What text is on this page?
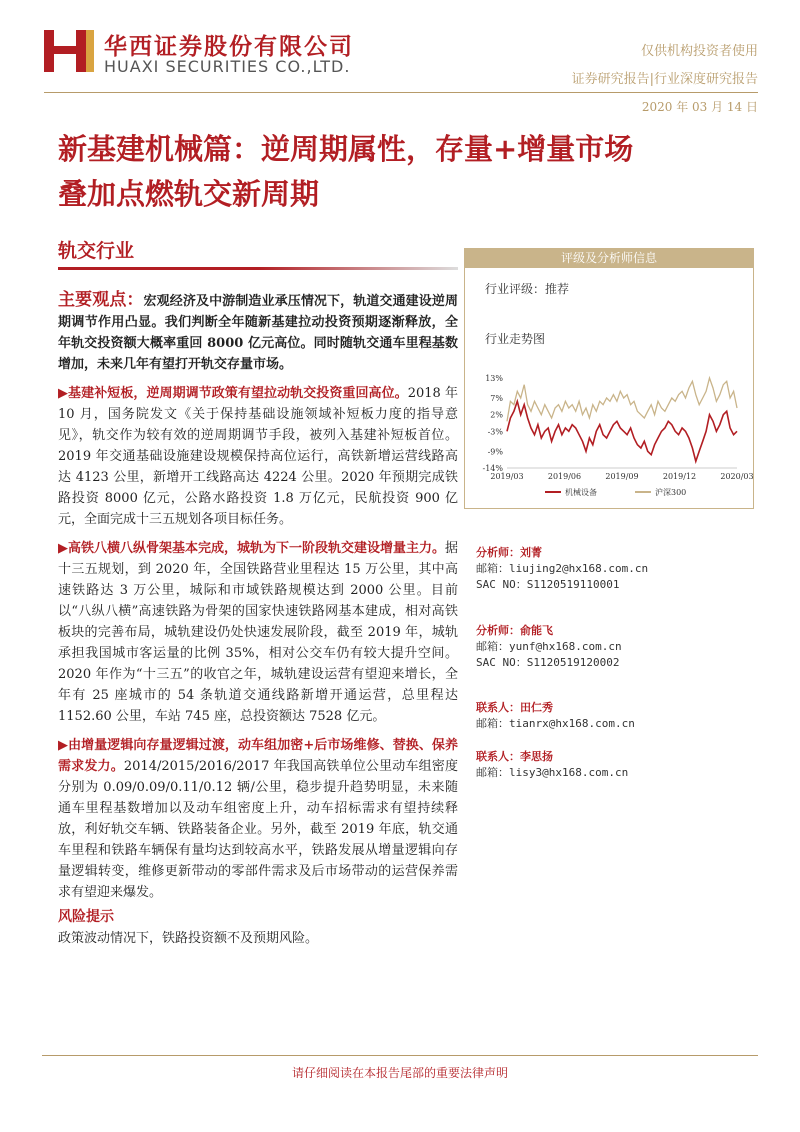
华西证券股份有限公司
HUAXI SECURITIES CO.,LTD.
仅供机构投资者使用
证券研究报告|行业深度研究报告
2020 年 03 月 14 日
新基建机械篇：逆周期属性，存量+增量市场
叠加点燃轨交新周期
轨交行业

主要观点：宏观经济及中游制造业承压情况下，轨道交通建设逆周期调节作用凸显。我们判断全年随新基建拉动投资预期逐渐释放，全年轨交投资额大概率重回 8000 亿元高位。同时随轨交通车里程基数增加，未来几年有望打开轨交存量市场。

▶基建补短板，逆周期调节政策有望拉动轨交投资重回高位。2018 年 10 月，国务院发文《关于保持基础设施领域补短板力度的指导意见》，轨交作为较有效的逆周期调节手段，被列入基建补短板首位。2019 年交通基础设施建设规模保持高位运行，高铁新增运营线路高达 4123 公里，新增开工线路高达 4224 公里。2020 年预期完成铁路投资 8000 亿元，公路水路投资 1.8 万亿元，民航投资 900 亿元，全面完成十三五规划各项目标任务。

▶高铁八横八纵骨架基本完成，城轨为下一阶段轨交建设增量主力。据十三五规划，到 2020 年，全国铁路营业里程达 15 万公里，其中高速铁路达 3 万公里，城际和市域铁路规模达到 2000 公里。目前以“八纵八横”高速铁路为骨架的国家快速铁路网基本建成，相对高铁板块的完善布局，城轨建设仍处快速发展阶段，截至 2019 年，城轨承担我国城市客运量的比例 35%，相对公交车仍有较大提升空间。2020 年作为“十三五”的收官之年，城轨建设运营有望迎来增长，全年有 25 座城市的 54 条轨道交通线路新增开通运营，总里程达 1152.60 公里，车站 745 座，总投资额达 7528 亿元。

▶由增量逻辑向存量逻辑过渡，动车组加密+后市场维修、替换、保养需求发力。2014/2015/2016/2017 年我国高铁单位公里动车组密度分别为 0.09/0.09/0.11/0.12 辆/公里，稳步提升趋势明显，未来随通车里程基数增加以及动车组密度上升，动车招标需求有望持续释放，利好轨交车辆、铁路装备企业。另外，截至 2019 年底，轨交通车里程和铁路车辆保有量均达到较高水平，铁路发展从增量逻辑向存量逻辑转变，维修更新带动的零部件需求及后市场带动的运营保养需求有望迎来爆发。

风险提示

政策波动情况下，铁路投资额不及预期风险。

评级及分析师信息
行业评级：推荐
行业走势图
13%
7%
2%
-3%
-9%
-14%
2019/03	2019/06	2019/09	2019/12	2020/03
机械设备	沪深300
分析师：刘菁
邮箱：liujing2@hx168.com.cn
SAC NO：S1120519110001
分析师：俞能飞
邮箱：yunf@hx168.com.cn
SAC NO：S1120519120002
联系人：田仁秀
邮箱：tianrx@hx168.com.cn
联系人：李思扬
邮箱：lisy3@hx168.com.cn
请仔细阅读在本报告尾部的重要法律声明
